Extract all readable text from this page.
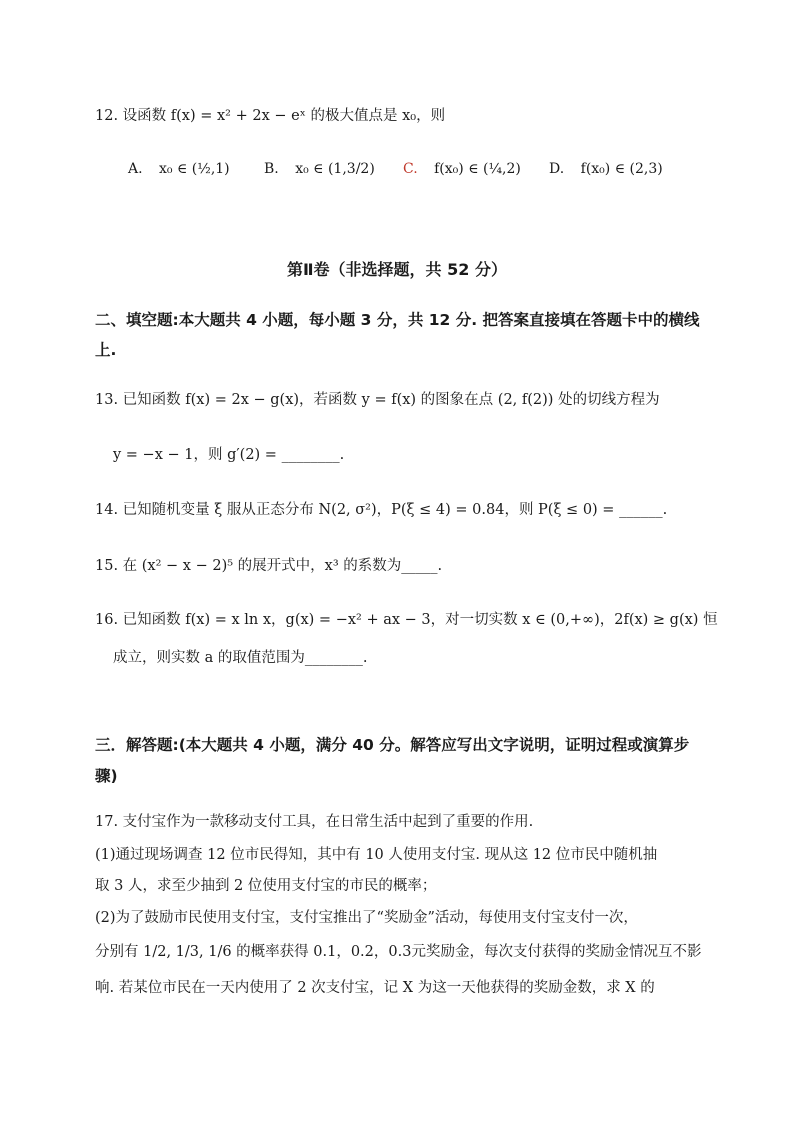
12. 设函数 f(x) = x² + 2x − eˣ 的极大值点是 x₀，则
A. x₀ ∈ (½,1) B. x₀ ∈ (1,3/2) C. f(x₀) ∈ (¼,2) D. f(x₀) ∈ (2,3)
第Ⅱ卷（非选择题，共 52 分）
二、填空题:本大题共 4 小题，每小题 3 分，共 12 分. 把答案直接填在答题卡中的横线
上.
13. 已知函数 f(x) = 2x − g(x)，若函数 y = f(x) 的图象在点 (2, f(2)) 处的切线方程为
y = −x − 1，则 g′(2) = ________.
14. 已知随机变量 ξ 服从正态分布 N(2, σ²)，P(ξ ≤ 4) = 0.84，则 P(ξ ≤ 0) = ______.
15. 在 (x² − x − 2)⁵ 的展开式中，x³ 的系数为_____.
16. 已知函数 f(x) = x ln x，g(x) = −x² + ax − 3，对一切实数 x ∈ (0,+∞)，2f(x) ≥ g(x) 恒
成立，则实数 a 的取值范围为________.
三．解答题:(本大题共 4 小题，满分 40 分。解答应写出文字说明，证明过程或演算步
骤)
17. 支付宝作为一款移动支付工具，在日常生活中起到了重要的作用.
(1)通过现场调查 12 位市民得知，其中有 10 人使用支付宝. 现从这 12 位市民中随机抽
取 3 人，求至少抽到 2 位使用支付宝的市民的概率；
(2)为了鼓励市民使用支付宝，支付宝推出了“奖励金”活动，每使用支付宝支付一次，
分别有 1/2, 1/3, 1/6 的概率获得 0.1，0.2，0.3元奖励金，每次支付获得的奖励金情况互不影
响. 若某位市民在一天内使用了 2 次支付宝，记 X 为这一天他获得的奖励金数，求 X 的
